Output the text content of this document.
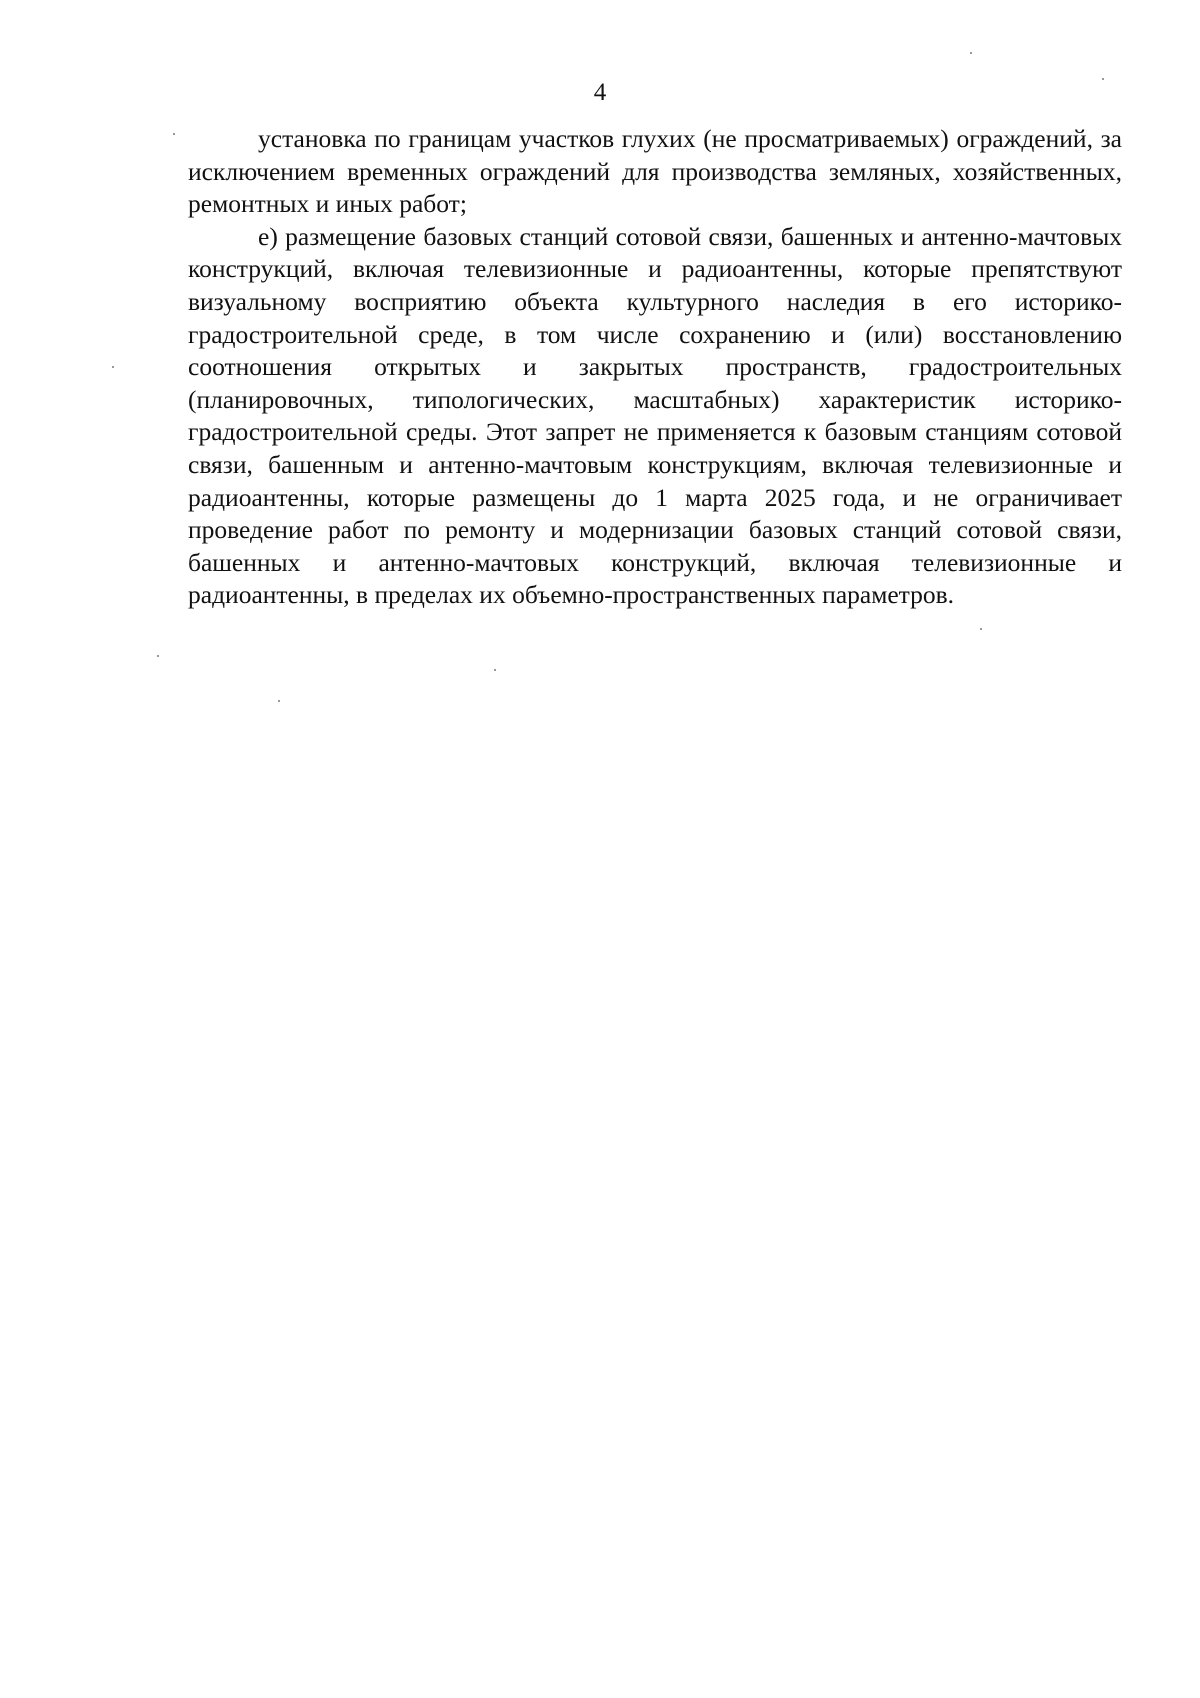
4

установка по границам участков глухих (не просматриваемых) ограждений, за исключением временных ограждений для производства земляных, хозяйственных, ремонтных и иных работ;

е) размещение базовых станций сотовой связи, башенных и антенно-мачтовых конструкций, включая телевизионные и радиоантенны, которые препятствуют визуальному восприятию объекта культурного наследия в его историко-градостроительной среде, в том числе сохранению и (или) восстановлению соотношения открытых и закрытых пространств, градостроительных (планировочных, типологических, масштабных) характеристик историко-градостроительной среды. Этот запрет не применяется к базовым станциям сотовой связи, башенным и антенно-мачтовым конструкциям, включая телевизионные и радиоантенны, которые размещены до 1 марта 2025 года, и не ограничивает проведение работ по ремонту и модернизации базовых станций сотовой связи, башенных и антенно-мачтовых конструкций, включая телевизионные и радиоантенны, в пределах их объемно-пространственных параметров.
